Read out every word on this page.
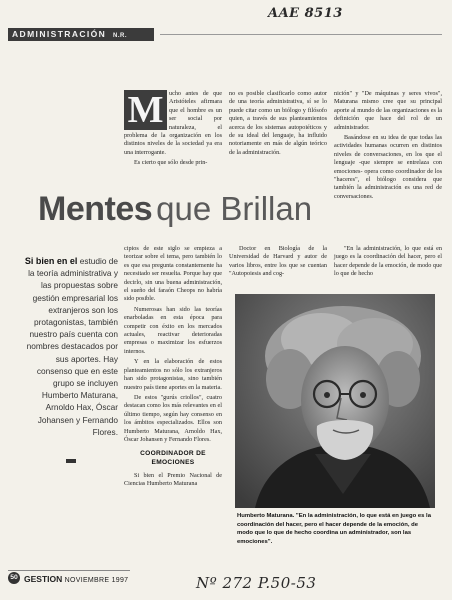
AAE 8513
Nº 272 P.50-53
ADMINISTRACIÓN N.R.
M ucho antes de que Aristóteles afirmara que el hombre es un ser social por naturaleza, el problema de la organización en los distintos niveles de la sociedad ya era una interrogante.

Es cierto que sólo desde prin-

no es posible clasificarlo como autor de una teoría administrativa, sí se lo puede citar como un biólogo y filósofo quien, a través de sus planteamientos acerca de los sistemas autopoiéticos y de su ideal del lenguaje, ha influido notoriamente en más de algún teórico de la administración.

nición" y "De máquinas y seres vivos", Maturana mismo cree que su principal aporte al mundo de las organizaciones es la definición que hace del rol de un administrador.

Basándose en su idea de que todas las actividades humanas ocurren en distintos niveles de conversaciones, en los que el lenguaje -que siempre se entrelaza con emociones- opera como coordinador de los "haceres", el biólogo considera que también la administración es una red de conversaciones.

Mentes que Brillan
Si bien en el estudio de la teoría administrativa y las propuestas sobre gestión empresarial los extranjeros son los protagonistas, también nuestro país cuenta con nombres destacados por sus aportes. Hay consenso que en este grupo se incluyen Humberto Maturana, Arnoldo Hax, Óscar Johansen y Fernando Flores.

cipios de este siglo se empieza a teorizar sobre el tema, pero también lo es que esa pregunta constantemente ha necesitado ser resuelta. Porque hay que decirlo, sin una buena administración, el sueño del faraón Cheops no habría sido posible.

Numerosas han sido las teorías enarboladas en esta época para competir con éxito en los mercados actuales, reactivar deterioradas empresas o maximizar los esfuerzos internos.

Y en la elaboración de estos planteamientos no sólo los extranjeros han sido protagonistas, sino también nuestro país tiene aportes en la materia.

De estos "gurús criollos", cuatro destacan como los más relevantes en el último tiempo, según hay consenso en los ámbitos especializados. Ellos son Humberto Maturana, Arnoldo Hax, Óscar Johansen y Fernando Flores.

COORDINADOR DE EMOCIONES

Si bien el Premio Nacional de Ciencias Humberto Maturana

Doctor en Biología de la Universidad de Harvard y autor de varios libros, entre los que se cuentan "Autopoiesis and cog-

"En la administración, lo que está en juego es la coordinación del hacer, pero el hacer depende de la emoción, de modo que lo que de hecho

Humberto Maturana. "En la administración, lo que está en juego es la coordinación del hacer, pero el hacer depende de la emoción, de modo que lo que de hecho coordina un administrador, son las emociones".
50 GESTION NOVIEMBRE 1997
